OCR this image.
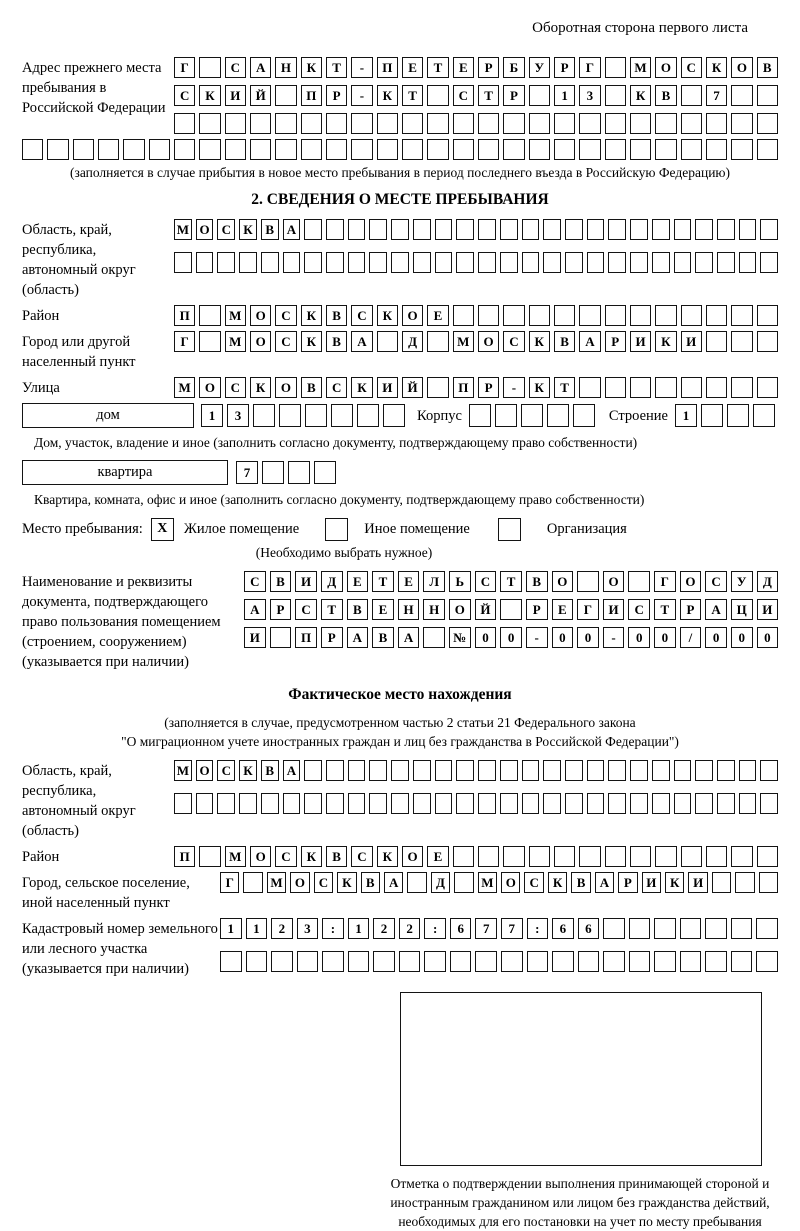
Оборотная сторона первого листа
Адрес прежнего места пребывания в Российской Федерации
Г	С	А	Н	К	Т	-	П	Е	Т	Е	Р	Б	У	Р	Г	М	О	С	К	О	В
С	К	И	Й	П	Р	-	К	Т	С	Т	Р	1	3	К	В	7
(заполняется в случае прибытия в новое место пребывания в период последнего въезда в Российскую Федерацию)
2. СВЕДЕНИЯ О МЕСТЕ ПРЕБЫВАНИЯ
Область, край, республика, автономный округ (область)
М О С К В А
Район	П	М	О	С	К	В	С	К	О	Е
Город или другой населенный пункт
Г	М	О	С	К	В	А	Д	М	О	С	К	В	А	Р	И	К	И
Улица	М	О	С	К	О	В	С	К	И	Й	П	Р	-	К	Т
дом	1	3	Корпус	Строение	1
Дом, участок, владение и иное (заполнить согласно документу, подтверждающему право собственности)
квартира	7
Квартира, комната, офис и иное (заполнить согласно документу, подтверждающему право собственности)
Место пребывания:	X	Жилое помещение	Иное помещение	Организация
(Необходимо выбрать нужное)
Наименование и реквизиты документа, подтверждающего право пользования помещением (строением, сооружением) (указывается при наличии)
С	В	И	Д	Е	Т	Е	Л	Ь	С	Т	В	О	О	Г	О	С	У	Д
А	Р	С	Т	В	Е	Н	Н	О	Й	Р	Е	Г	И	С	Т	Р	А	Ц	И
И	П	Р	А	В	А	№	0	0	-	0	0	-	0	0	/	0	0	0
Фактическое место нахождения
(заполняется в случае, предусмотренном частью 2 статьи 21 Федерального закона
"О миграционном учете иностранных граждан и лиц без гражданства в Российской Федерации")
Область, край, республика, автономный округ (область)
М О С К В А
Район	П	М	О	С	К	В	С	К	О	Е
Город, сельское поселение, иной населенный пункт
Г	М О	С	К	В	А	Д	М О	С	К	В	А	Р	И	К	И
Кадастровый номер земельного или лесного участка (указывается при наличии)
1	1	2	3	:	1	2	2	:	6	7	7	:	6	6
Отметка о подтверждении выполнения принимающей стороной и иностранным гражданином или лицом без гражданства действий, необходимых для его постановки на учет по месту пребывания
